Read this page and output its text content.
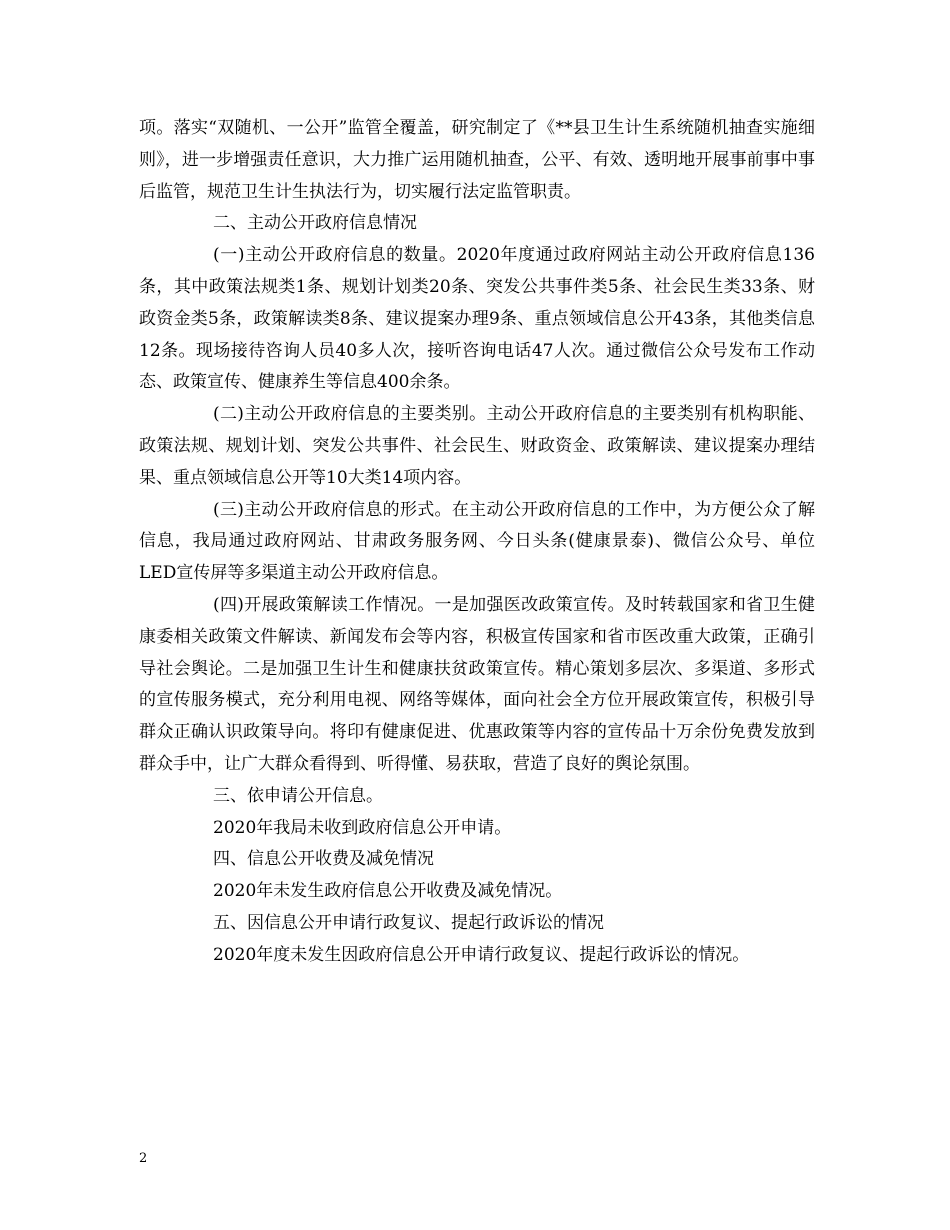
项。落实“双随机、一公开”监管全覆盖，研究制定了《**县卫生计生系统随机抽查实施细则》，进一步增强责任意识，大力推广运用随机抽查，公平、有效、透明地开展事前事中事后监管，规范卫生计生执法行为，切实履行法定监管职责。

二、主动公开政府信息情况

(一)主动公开政府信息的数量。2020年度通过政府网站主动公开政府信息136条，其中政策法规类1条、规划计划类20条、突发公共事件类5条、社会民生类33条、财政资金类5条，政策解读类8条、建议提案办理9条、重点领域信息公开43条，其他类信息12条。现场接待咨询人员40多人次，接听咨询电话47人次。通过微信公众号发布工作动态、政策宣传、健康养生等信息400余条。

(二)主动公开政府信息的主要类别。主动公开政府信息的主要类别有机构职能、政策法规、规划计划、突发公共事件、社会民生、财政资金、政策解读、建议提案办理结果、重点领域信息公开等10大类14项内容。

(三)主动公开政府信息的形式。在主动公开政府信息的工作中，为方便公众了解信息，我局通过政府网站、甘肃政务服务网、今日头条(健康景泰)、微信公众号、单位LED宣传屏等多渠道主动公开政府信息。

(四)开展政策解读工作情况。一是加强医改政策宣传。及时转载国家和省卫生健康委相关政策文件解读、新闻发布会等内容，积极宣传国家和省市医改重大政策，正确引导社会舆论。二是加强卫生计生和健康扶贫政策宣传。精心策划多层次、多渠道、多形式的宣传服务模式，充分利用电视、网络等媒体，面向社会全方位开展政策宣传，积极引导群众正确认识政策导向。将印有健康促进、优惠政策等内容的宣传品十万余份免费发放到群众手中，让广大群众看得到、听得懂、易获取，营造了良好的舆论氛围。

三、依申请公开信息。

2020年我局未收到政府信息公开申请。

四、信息公开收费及减免情况

2020年未发生政府信息公开收费及减免情况。

五、因信息公开申请行政复议、提起行政诉讼的情况

2020年度未发生因政府信息公开申请行政复议、提起行政诉讼的情况。

2
